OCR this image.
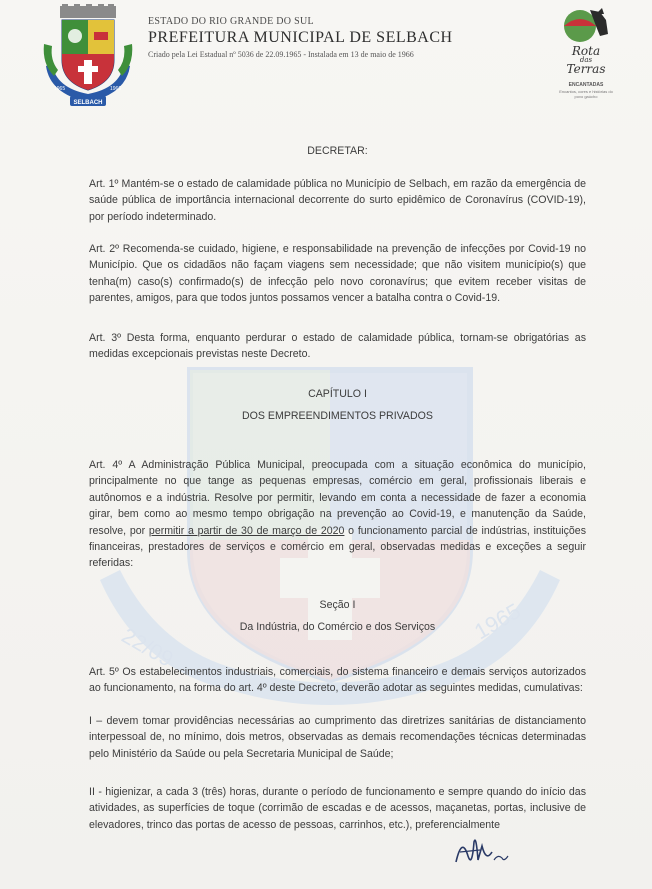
22/09
1965
SELBACH
1965	1966
ESTADO DO RIO GRANDE DO SUL
PREFEITURA MUNICIPAL DE SELBACH
Criado pela Lei Estadual nº 5036 de 22.09.1965 - Instalada em 13 de maio de 1966	Rota
das
Terras
ENCANTADAS
Encantos, cores e histórias do povo gaúcho
DECRETAR:

Art. 1º Mantém-se o estado de calamidade pública no Município de Selbach, em razão da emergência de saúde pública de importância internacional decorrente do surto epidêmico de Coronavírus (COVID-19), por período indeterminado.

Art. 2º Recomenda-se cuidado, higiene, e responsabilidade na prevenção de infecções por Covid-19 no Município. Que os cidadãos não façam viagens sem necessidade; que não visitem município(s) que tenha(m) caso(s) confirmado(s) de infecção pelo novo coronavírus; que evitem receber visitas de parentes, amigos, para que todos juntos possamos vencer a batalha contra o Covid-19.

Art. 3º Desta forma, enquanto perdurar o estado de calamidade pública, tornam-se obrigatórias as medidas excepcionais previstas neste Decreto.

CAPÍTULO I
DOS EMPREENDIMENTOS PRIVADOS

Art. 4º A Administração Pública Municipal, preocupada com a situação econômica do município, principalmente no que tange as pequenas empresas, comércio em geral, profissionais liberais e autônomos e a indústria. Resolve por permitir, levando em conta a necessidade de fazer a economia girar, bem como ao mesmo tempo obrigação na prevenção ao Covid-19, e manutenção da Saúde, resolve, por permitir a partir de 30 de março de 2020 o funcionamento parcial de indústrias, instituições financeiras, prestadores de serviços e comércio em geral, observadas medidas e exceções a seguir referidas:

Seção I
Da Indústria, do Comércio e dos Serviços

Art. 5º Os estabelecimentos industriais, comerciais, do sistema financeiro e demais serviços autorizados ao funcionamento, na forma do art. 4º deste Decreto, deverão adotar as seguintes medidas, cumulativas:

I – devem tomar providências necessárias ao cumprimento das diretrizes sanitárias de distanciamento interpessoal de, no mínimo, dois metros, observadas as demais recomendações técnicas determinadas pelo Ministério da Saúde ou pela Secretaria Municipal de Saúde;

II - higienizar, a cada 3 (três) horas, durante o período de funcionamento e sempre quando do início das atividades, as superfícies de toque (corrimão de escadas e de acessos, maçanetas, portas, inclusive de elevadores, trinco das portas de acesso de pessoas, carrinhos, etc.), preferencialmente
